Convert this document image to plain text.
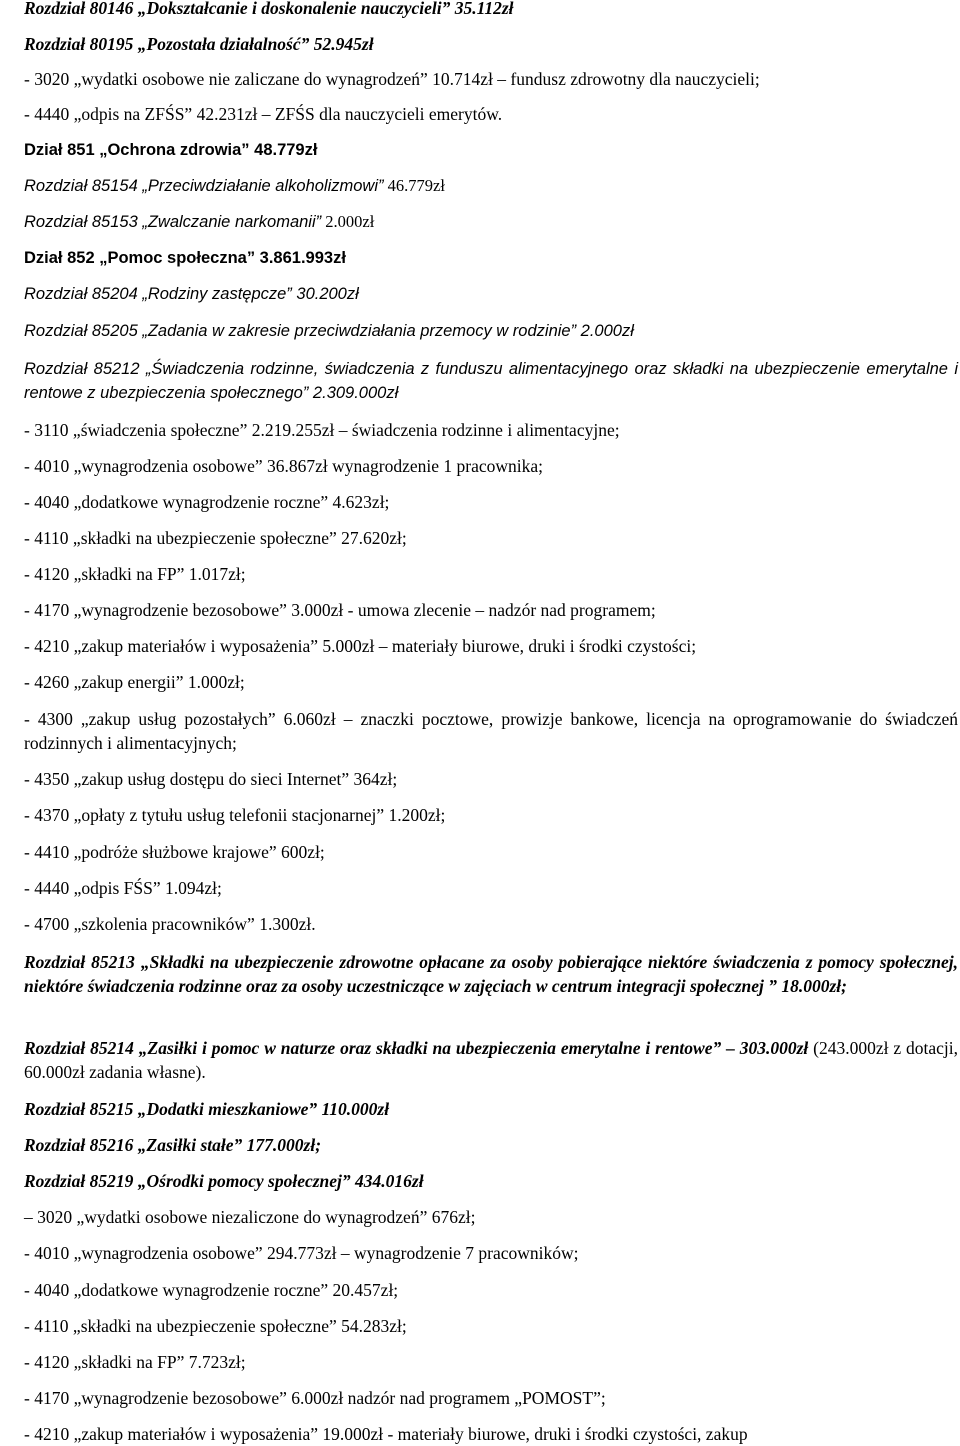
Rozdział 80146 „Dokształcanie i doskonalenie nauczycieli” 35.112zł
Rozdział 80195 „Pozostała działalność” 52.945zł
- 3020 „wydatki osobowe nie zaliczane do wynagrodzeń” 10.714zł – fundusz zdrowotny dla nauczycieli;
- 4440 „odpis na ZFŚS” 42.231zł – ZFŚS dla nauczycieli emerytów.
Dział 851 „Ochrona zdrowia” 48.779zł
Rozdział 85154 „Przeciwdziałanie alkoholizmowi” 46.779zł
Rozdział 85153 „Zwalczanie narkomanii” 2.000zł
Dział 852 „Pomoc społeczna” 3.861.993zł
Rozdział 85204 „Rodziny zastępcze” 30.200zł
Rozdział 85205 „Zadania w zakresie przeciwdziałania przemocy w rodzinie” 2.000zł
Rozdział 85212 „Świadczenia rodzinne, świadczenia z funduszu alimentacyjnego oraz składki na ubezpieczenie emerytalne i rentowe z ubezpieczenia społecznego” 2.309.000zł
- 3110 „świadczenia społeczne” 2.219.255zł – świadczenia rodzinne i alimentacyjne;
- 4010 „wynagrodzenia osobowe” 36.867zł wynagrodzenie 1 pracownika;
- 4040 „dodatkowe wynagrodzenie roczne” 4.623zł;
- 4110 „składki na ubezpieczenie społeczne” 27.620zł;
- 4120 „składki na FP” 1.017zł;
- 4170 „wynagrodzenie bezosobowe” 3.000zł - umowa zlecenie – nadzór nad programem;
- 4210 „zakup materiałów i wyposażenia” 5.000zł – materiały biurowe, druki i środki czystości;
- 4260 „zakup energii” 1.000zł;
- 4300 „zakup usług pozostałych” 6.060zł – znaczki pocztowe, prowizje bankowe, licencja na oprogramowanie do świadczeń rodzinnych i alimentacyjnych;
- 4350 „zakup usług dostępu do sieci Internet” 364zł;
- 4370 „opłaty z tytułu usług telefonii stacjonarnej” 1.200zł;
- 4410 „podróże służbowe krajowe” 600zł;
- 4440 „odpis FŚS” 1.094zł;
- 4700 „szkolenia pracowników” 1.300zł.
Rozdział 85213 „Składki na ubezpieczenie zdrowotne opłacane za osoby pobierające niektóre świadczenia z pomocy społecznej, niektóre świadczenia rodzinne oraz za osoby uczestniczące w zajęciach w centrum integracji społecznej ” 18.000zł;
Rozdział 85214 „Zasiłki i pomoc w naturze oraz składki na ubezpieczenia emerytalne i rentowe” – 303.000zł (243.000zł z dotacji, 60.000zł zadania własne).
Rozdział 85215 „Dodatki mieszkaniowe” 110.000zł
Rozdział 85216 „Zasiłki stałe” 177.000zł;
Rozdział 85219 „Ośrodki pomocy społecznej” 434.016zł
– 3020 „wydatki osobowe niezaliczone do wynagrodzeń” 676zł;
- 4010 „wynagrodzenia osobowe” 294.773zł – wynagrodzenie 7 pracowników;
- 4040 „dodatkowe wynagrodzenie roczne” 20.457zł;
- 4110 „składki na ubezpieczenie społeczne” 54.283zł;
- 4120 „składki na FP” 7.723zł;
- 4170 „wynagrodzenie bezosobowe” 6.000zł nadzór nad programem „POMOST”;
- 4210 „zakup materiałów i wyposażenia” 19.000zł - materiały biurowe, druki i środki czystości, zakup
